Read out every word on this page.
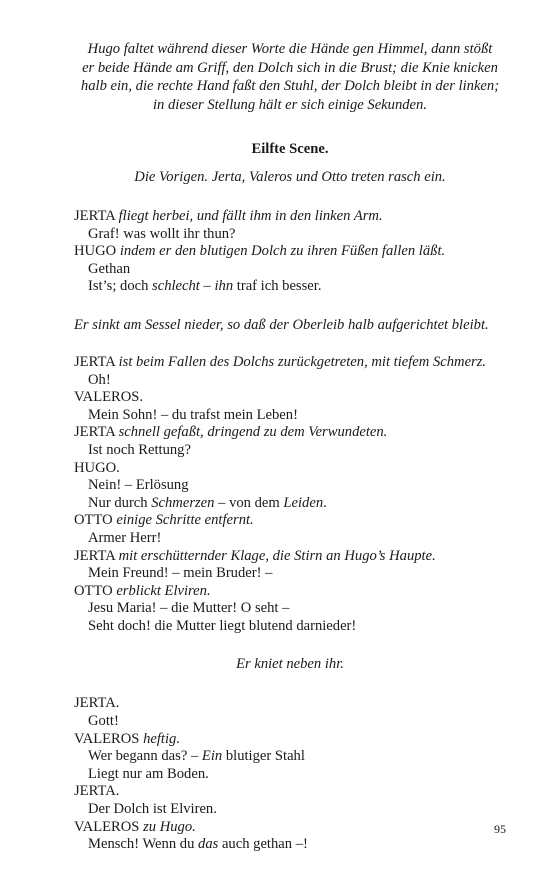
Hugo faltet während dieser Worte die Hände gen Himmel, dann stößt
er beide Hände am Griff, den Dolch sich in die Brust; die Knie knicken
halb ein, die rechte Hand faßt den Stuhl, der Dolch bleibt in der linken;
in dieser Stellung hält er sich einige Sekunden.
Eilfte Scene.
Die Vorigen. Jerta, Valeros und Otto treten rasch ein.
JERTA fliegt herbei, und fällt ihm in den linken Arm.
Graf! was wollt ihr thun?
HUGO indem er den blutigen Dolch zu ihren Füßen fallen läßt.
Gethan
Ist’s; doch schlecht – ihn traf ich besser.
Er sinkt am Sessel nieder, so daß der Oberleib halb aufgerichtet bleibt.
JERTA ist beim Fallen des Dolchs zurückgetreten, mit tiefem Schmerz.
Oh!
VALEROS.
Mein Sohn! – du trafst mein Leben!
JERTA schnell gefaßt, dringend zu dem Verwundeten.
Ist noch Rettung?
HUGO.
Nein! – Erlösung
Nur durch Schmerzen – von dem Leiden.
OTTO einige Schritte entfernt.
Armer Herr!
JERTA mit erschütternder Klage, die Stirn an Hugo’s Haupte.
Mein Freund! – mein Bruder! –
OTTO erblickt Elviren.
Jesu Maria! – die Mutter! O seht –
Seht doch! die Mutter liegt blutend darnieder!
Er kniet neben ihr.
JERTA.
Gott!
VALEROS heftig.
Wer begann das? – Ein blutiger Stahl
Liegt nur am Boden.
JERTA.
Der Dolch ist Elviren.
VALEROS zu Hugo.
Mensch! Wenn du das auch gethan –!
95
